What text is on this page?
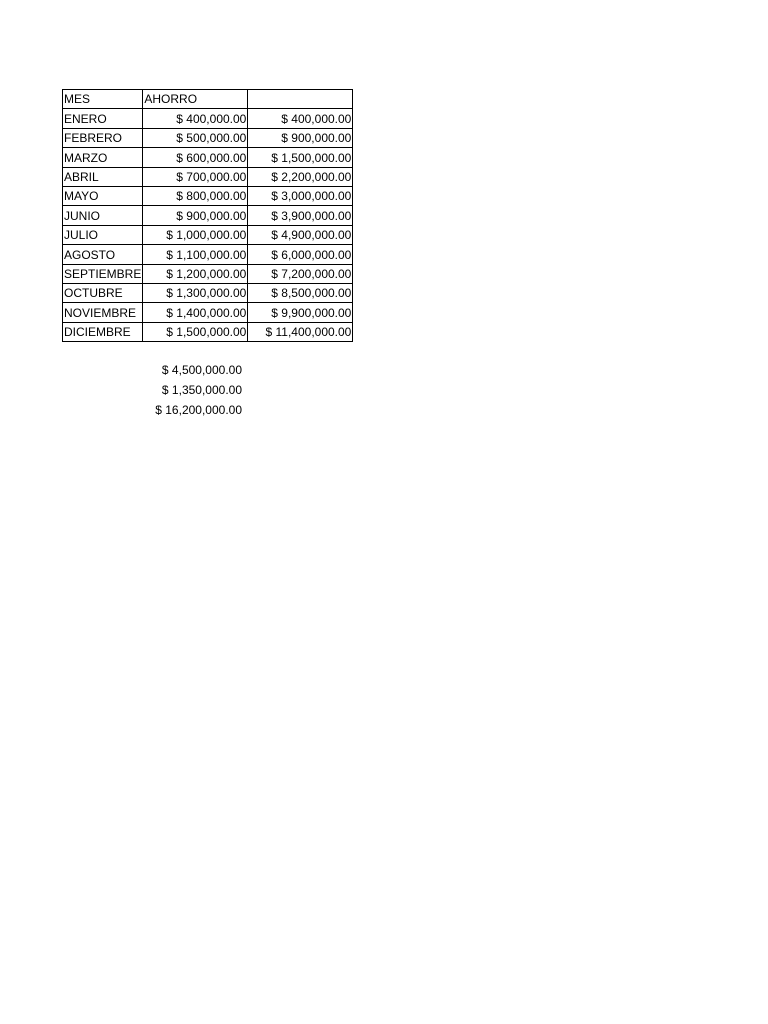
MES	AHORRO	
ENERO	$ 400,000.00	$ 400,000.00
FEBRERO	$ 500,000.00	$ 900,000.00
MARZO	$ 600,000.00	$ 1,500,000.00
ABRIL	$ 700,000.00	$ 2,200,000.00
MAYO	$ 800,000.00	$ 3,000,000.00
JUNIO	$ 900,000.00	$ 3,900,000.00
JULIO	$ 1,000,000.00	$ 4,900,000.00
AGOSTO	$ 1,100,000.00	$ 6,000,000.00
SEPTIEMBRE	$ 1,200,000.00	$ 7,200,000.00
OCTUBRE	$ 1,300,000.00	$ 8,500,000.00
NOVIEMBRE	$ 1,400,000.00	$ 9,900,000.00
DICIEMBRE	$ 1,500,000.00	$ 11,400,000.00
$ 4,500,000.00
$ 1,350,000.00
$ 16,200,000.00
